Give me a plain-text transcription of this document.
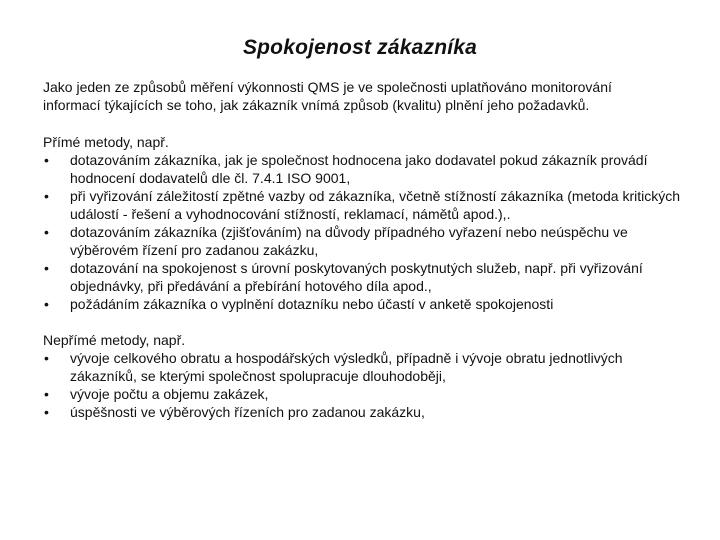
Spokojenost zákazníka

Jako jeden ze způsobů měření výkonnosti QMS je ve společnosti uplatňováno monitorování informací týkajících se toho, jak zákazník vnímá způsob (kvalitu) plnění jeho požadavků.

Přímé metody, např.

• dotazováním zákazníka, jak je společnost hodnocena jako dodavatel pokud zákazník provádí hodnocení dodavatelů dle čl. 7.4.1 ISO 9001,
• při vyřizování záležitostí zpětné vazby od zákazníka, včetně stížností zákazníka (metoda kritických událostí - řešení a vyhodnocování stížností, reklamací, námětů apod.),.
• dotazováním zákazníka (zjišťováním) na důvody případného vyřazení nebo neúspěchu ve výběrovém řízení pro zadanou zakázku,
• dotazování na spokojenost s úrovní poskytovaných poskytnutých služeb, např. při vyřizování objednávky, při předávání a přebírání hotového díla apod.,
• požádáním zákazníka o vyplnění dotazníku nebo účastí v anketě spokojenosti

Nepřímé metody, např.

• vývoje celkového obratu a hospodářských výsledků, případně i vývoje obratu jednotlivých zákazníků, se kterými společnost spolupracuje dlouhodoběji,
• vývoje počtu a objemu zakázek,
• úspěšnosti ve výběrových řízeních pro zadanou zakázku,
